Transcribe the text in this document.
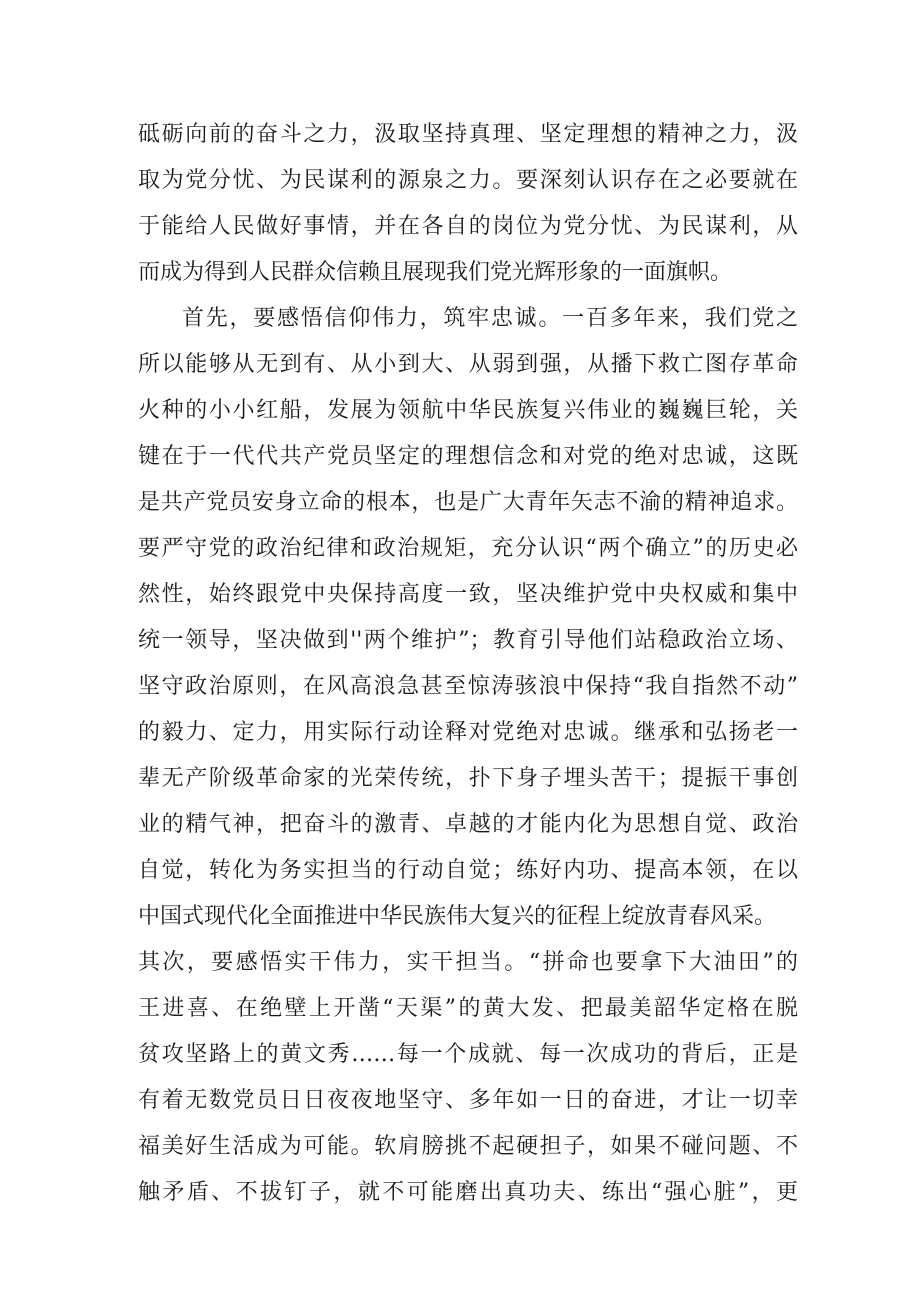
砥砺向前的奋斗之力，汲取坚持真理、坚定理想的精神之力，汲
取为党分忧、为民谋利的源泉之力。要深刻认识存在之必要就在
于能给人民做好事情，并在各自的岗位为党分忧、为民谋利，从
而成为得到人民群众信赖且展现我们党光辉形象的一面旗帜。
首先，要感悟信仰伟力，筑牢忠诚。一百多年来，我们党之
所以能够从无到有、从小到大、从弱到强，从播下救亡图存革命
火种的小小红船，发展为领航中华民族复兴伟业的巍巍巨轮，关
键在于一代代共产党员坚定的理想信念和对党的绝对忠诚，这既
是共产党员安身立命的根本，也是广大青年矢志不渝的精神追求。
要严守党的政治纪律和政治规矩，充分认识“两个确立”的历史必
然性，始终跟党中央保持高度一致，坚决维护党中央权威和集中
统一领导，坚决做到''两个维护”；教育引导他们站稳政治立场、
坚守政治原则，在风高浪急甚至惊涛骇浪中保持“我自指然不动”
的毅力、定力，用实际行动诠释对党绝对忠诚。继承和弘扬老一
辈无产阶级革命家的光荣传统，扑下身子埋头苦干；提振干事创
业的精气神，把奋斗的激青、卓越的才能内化为思想自觉、政治
自觉，转化为务实担当的行动自觉；练好内功、提高本领，在以
中国式现代化全面推进中华民族伟大复兴的征程上绽放青春风采。
其次，要感悟实干伟力，实干担当。“拼命也要拿下大油田”的
王进喜、在绝壁上开凿“天渠”的黄大发、把最美韶华定格在脱
贫攻坚路上的黄文秀……每一个成就、每一次成功的背后，正是
有着无数党员日日夜夜地坚守、多年如一日的奋进，才让一切幸
福美好生活成为可能。软肩膀挑不起硬担子，如果不碰问题、不
触矛盾、不拔钉子，就不可能磨出真功夫、练出“强心脏”，更
